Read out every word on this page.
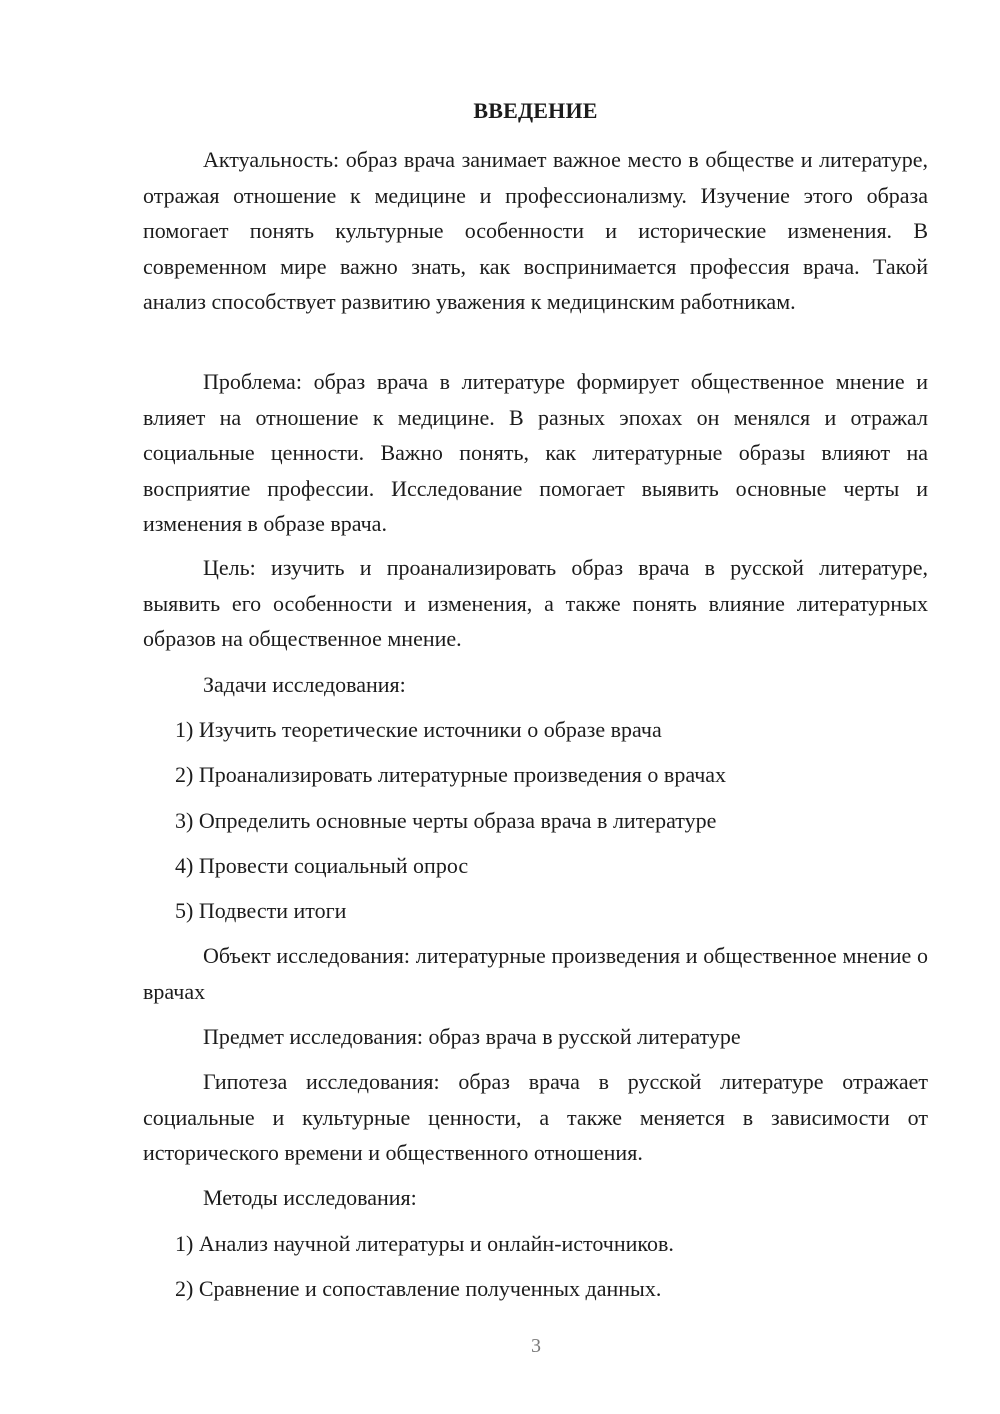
ВВЕДЕНИЕ

Актуальность: образ врача занимает важное место в обществе и литературе, отражая отношение к медицине и профессионализму. Изучение этого образа помогает понять культурные особенности и исторические изменения. В современном мире важно знать, как воспринимается профессия врача. Такой анализ способствует развитию уважения к медицинским работникам.

Проблема: образ врача в литературе формирует общественное мнение и влияет на отношение к медицине. В разных эпохах он менялся и отражал социальные ценности. Важно понять, как литературные образы влияют на восприятие профессии. Исследование помогает выявить основные черты и изменения в образе врача.

Цель: изучить и проанализировать образ врача в русской литературе, выявить его особенности и изменения, а также понять влияние литературных образов на общественное мнение.

Задачи исследования:

1) Изучить теоретические источники о образе врача

2) Проанализировать литературные произведения о врачах

3) Определить основные черты образа врача в литературе

4) Провести социальный опрос

5) Подвести итоги

Объект исследования: литературные произведения и общественное мнение о врачах

Предмет исследования: образ врача в русской литературе

Гипотеза исследования: образ врача в русской литературе отражает социальные и культурные ценности, а также меняется в зависимости от исторического времени и общественного отношения.

Методы исследования:

1) Анализ научной литературы и онлайн-источников.

2) Сравнение и сопоставление полученных данных.

3
